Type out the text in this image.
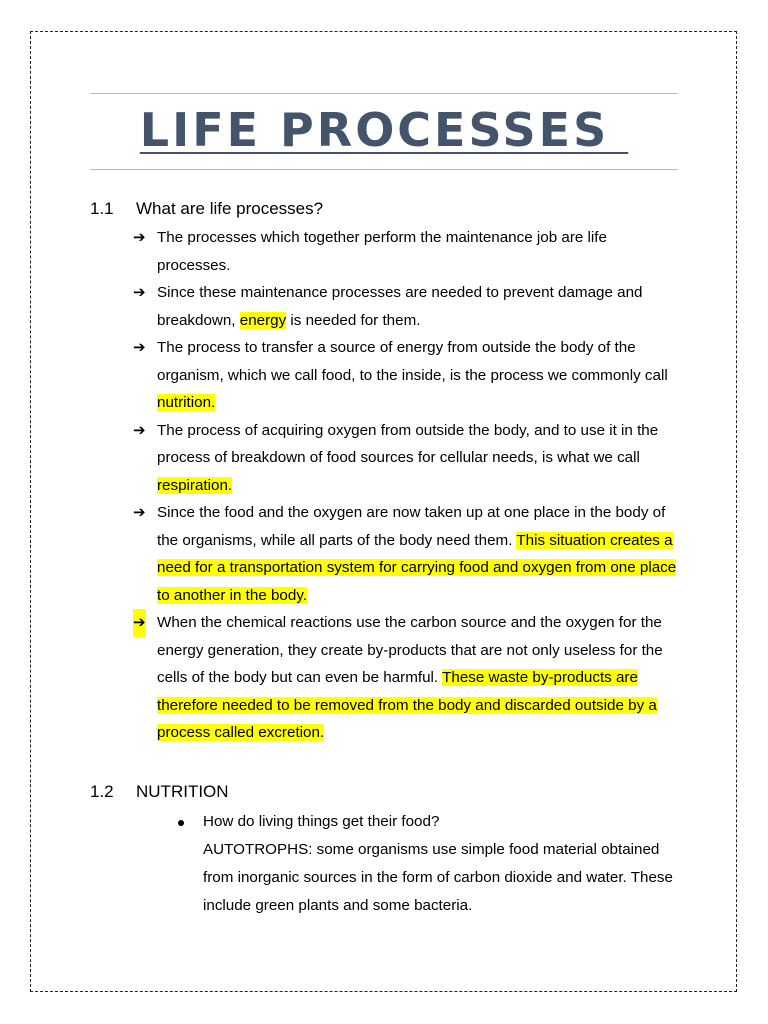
LIFE PROCESSES
1.1 What are life processes?
➔ The processes which together perform the maintenance job are life processes.
➔ Since these maintenance processes are needed to prevent damage and breakdown, energy is needed for them.
➔ The process to transfer a source of energy from outside the body of the organism, which we call food, to the inside, is the process we commonly call nutrition.
➔ The process of acquiring oxygen from outside the body, and to use it in the process of breakdown of food sources for cellular needs, is what we call respiration.
➔ Since the food and the oxygen are now taken up at one place in the body of the organisms, while all parts of the body need them. This situation creates a need for a transportation system for carrying food and oxygen from one place to another in the body.
➔ When the chemical reactions use the carbon source and the oxygen for the energy generation, they create by-products that are not only useless for the cells of the body but can even be harmful. These waste by-products are therefore needed to be removed from the body and discarded outside by a process called excretion.
1.2 NUTRITION
How do living things get their food?
AUTOTROPHS: some organisms use simple food material obtained from inorganic sources in the form of carbon dioxide and water. These include green plants and some bacteria.
